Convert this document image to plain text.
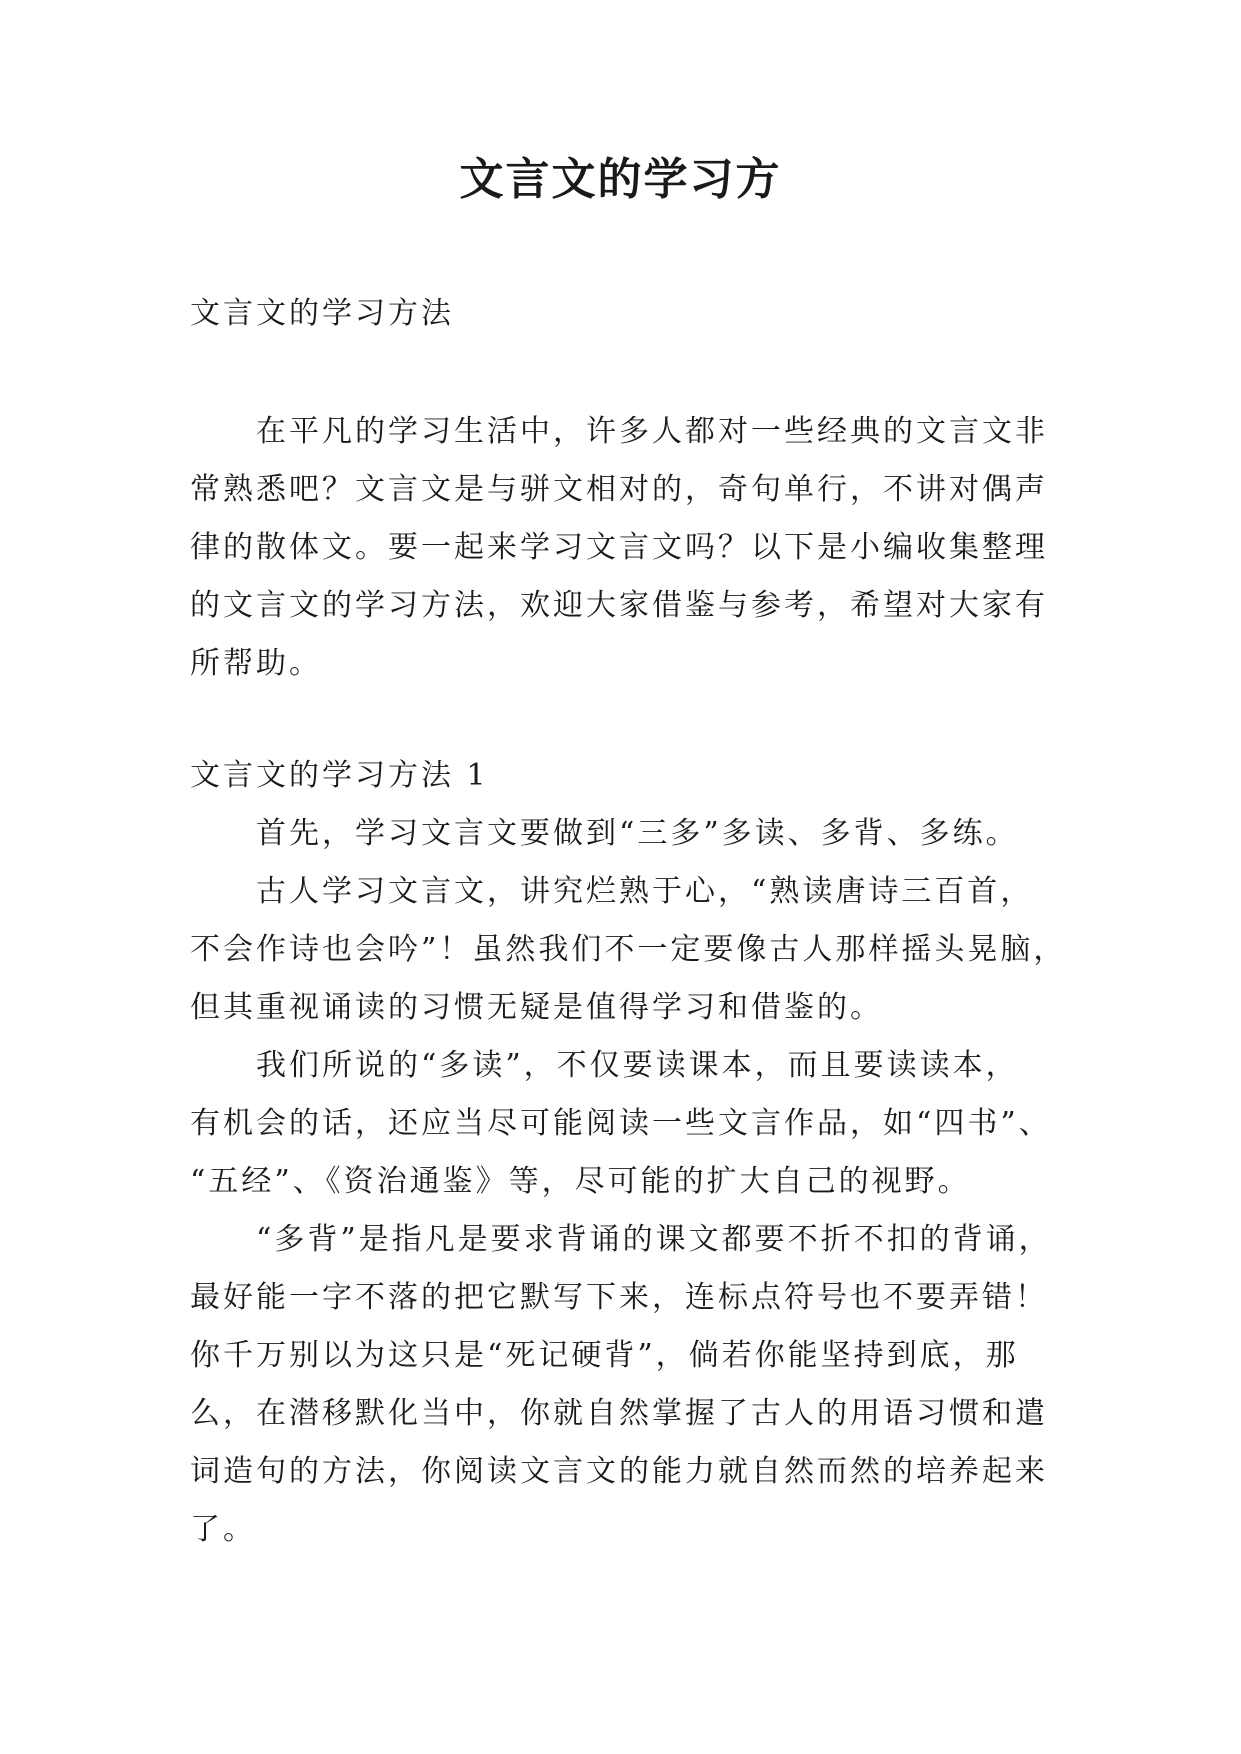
文言文的学习方

文言文的学习方法

在平凡的学习生活中，许多人都对一些经典的文言文非
常熟悉吧？文言文是与骈文相对的，奇句单行，不讲对偶声
律的散体文。要一起来学习文言文吗？以下是小编收集整理
的文言文的学习方法，欢迎大家借鉴与参考，希望对大家有
所帮助。

文言文的学习方法 1

首先，学习文言文要做到“三多”多读、多背、多练。
古人学习文言文，讲究烂熟于心，“熟读唐诗三百首，
不会作诗也会吟”！虽然我们不一定要像古人那样摇头晃脑，
但其重视诵读的习惯无疑是值得学习和借鉴的。
我们所说的“多读”，不仅要读课本，而且要读读本，
有机会的话，还应当尽可能阅读一些文言作品，如“四书”、
“五经”、《资治通鉴》等，尽可能的扩大自己的视野。
“多背”是指凡是要求背诵的课文都要不折不扣的背诵，
最好能一字不落的把它默写下来，连标点符号也不要弄错！
你千万别以为这只是“死记硬背”，倘若你能坚持到底，那
么，在潜移默化当中，你就自然掌握了古人的用语习惯和遣
词造句的方法，你阅读文言文的能力就自然而然的培养起来
了。
